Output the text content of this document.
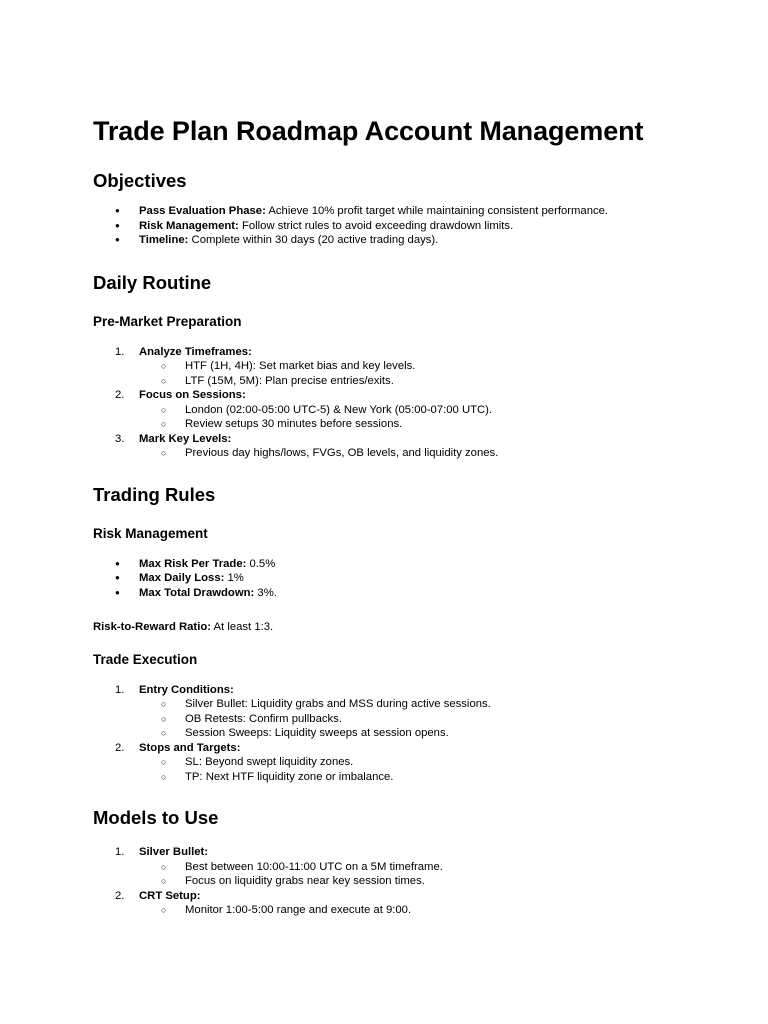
Trade Plan Roadmap Account Management
Objectives
● Pass Evaluation Phase: Achieve 10% profit target while maintaining consistent performance.
● Risk Management: Follow strict rules to avoid exceeding drawdown limits.
● Timeline: Complete within 30 days (20 active trading days).
Daily Routine
Pre-Market Preparation
1.	Analyze Timeframes:
○ HTF (1H, 4H): Set market bias and key levels.
○ LTF (15M, 5M): Plan precise entries/exits.
2.	Focus on Sessions:
○ London (02:00-05:00 UTC-5) & New York (05:00-07:00 UTC).
○ Review setups 30 minutes before sessions.
3.	Mark Key Levels:
○ Previous day highs/lows, FVGs, OB levels, and liquidity zones.
Trading Rules
Risk Management
● Max Risk Per Trade: 0.5%
● Max Daily Loss: 1%
● Max Total Drawdown: 3%.

Risk-to-Reward Ratio: At least 1:3.

Trade Execution
1.	Entry Conditions:
○ Silver Bullet: Liquidity grabs and MSS during active sessions.
○ OB Retests: Confirm pullbacks.
○ Session Sweeps: Liquidity sweeps at session opens.
2.	Stops and Targets:
○ SL: Beyond swept liquidity zones.
○ TP: Next HTF liquidity zone or imbalance.
Models to Use
1.	Silver Bullet:
○ Best between 10:00-11:00 UTC on a 5M timeframe.
○ Focus on liquidity grabs near key session times.
2.	CRT Setup:
○ Monitor 1:00-5:00 range and execute at 9:00.
